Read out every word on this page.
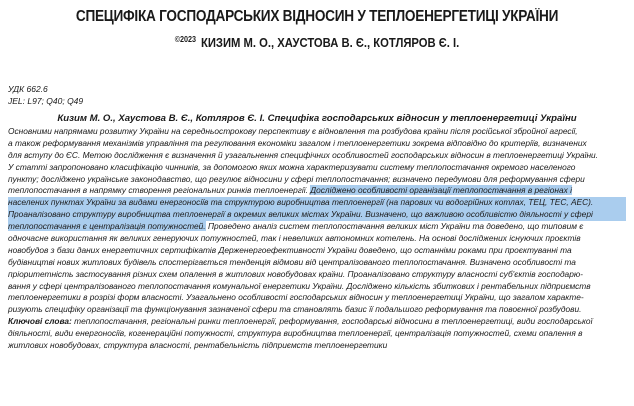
СПЕЦИФІКА ГОСПОДАРСЬКИХ ВІДНОСИН У ТЕПЛОЕНЕРГЕТИЦІ УКРАЇНИ
$^{©2023}$ КИЗИМ М. О., ХАУСТОВА В. Є., КОТЛЯРОВ Є. І.
УДК 662.6
JEL: L97; Q40; Q49
Кизим М. О., Хаустова В. Є., Котляров Є. І. Специфіка господарських відносин у теплоенергетиці України
Основними напрямами розвитку України на середньострокову перспективу є відновлення та розбудова країни після російської збройної агресії,
а також реформування механізмів управління та регулювання економіки загалом і теплоенергетики зокрема відповідно до критеріїв, визначених
для вступу до ЄС. Метою дослідження є визначення й узагальнення специфічних особливостей господарських відносин в теплоенергетиці України.
У статті запропоновано класифікацію чинників, за допомогою яких можна характеризувати систему теплопостачання окремого населеного
пункту; досліджено українське законодавство, що регулює відносини у сфері теплопостачання; визначено передумови для реформування сфери
теплопостачання в напрямку створення регіональних ринків теплоенергії. Досліджено особливості організації теплопостачання в регіонах і
населених пунктах України за видами енергоносіїв та структурою виробництва теплоенергії (на парових чи водогрійних котлах, ТЕЦ, ТЕС, АЕС).
Проаналізовано структуру виробництва теплоенергії в окремих великих містах України. Визначено, що важливою особливістю діяльності у сфері
теплопостачання є централізація потужностей. Проведено аналіз систем теплопостачання великих міст України та доведено, що типовим є
одночасне використання як великих генеруючих потужностей, так і невеликих автономних котелень. На основі досліджених існуючих проєктів
новобудов з бази даних енергетичних сертифікатів Держенергоефективності України доведено, що останніми роками при проєктуванні та
будівництві нових житлових будівель спостерігається тенденція відмови від централізованого теплопостачання. Визначено особливості та
пріоритетність застосування різних схем опалення в житлових новобудовах країни. Проаналізовано структуру власності суб'єктів господарю-
вання у сфері централізованого теплопостачання комунальної енергетики України. Досліджено кількість збиткових і рентабельних підприємств
теплоенергетики в розрізі форм власності. Узагальнено особливості господарських відносин у теплоенергетиці України, що загалом характе-
ризують специфіку організації та функціонування зазначеної сфери та становлять базис її подальшого реформування та повоєнної розбудови.
Ключові слова: теплопостачання, регіональні ринки теплоенергії, реформування, господарські відносини в теплоенергетиці, види господарської
діяльності, види енергоносіїв, когенераційні потужності, структура виробництва теплоенергії, централізація потужностей, схеми опалення в
житлових новобудовах, структура власності, рентабельність підприємств теплоенергетики
